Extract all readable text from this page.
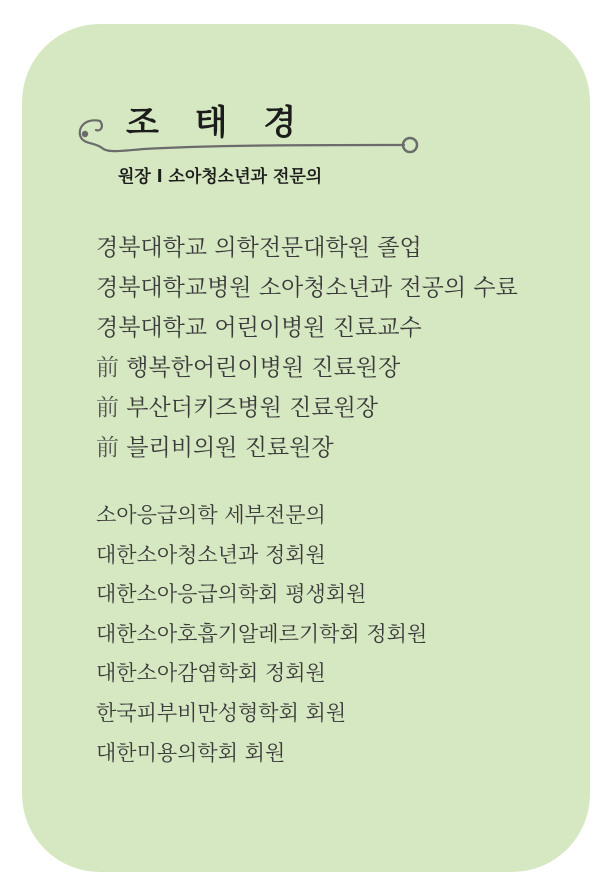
조 태 경
원장 l 소아청소년과 전문의
경북대학교 의학전문대학원 졸업
경북대학교병원 소아청소년과 전공의 수료
경북대학교 어린이병원 진료교수
前 행복한어린이병원 진료원장
前 부산더키즈병원 진료원장
前 블리비의원 진료원장
소아응급의학 세부전문의
대한소아청소년과 정회원
대한소아응급의학회 평생회원
대한소아호흡기알레르기학회 정회원
대한소아감염학회 정회원
한국피부비만성형학회 회원
대한미용의학회 회원
